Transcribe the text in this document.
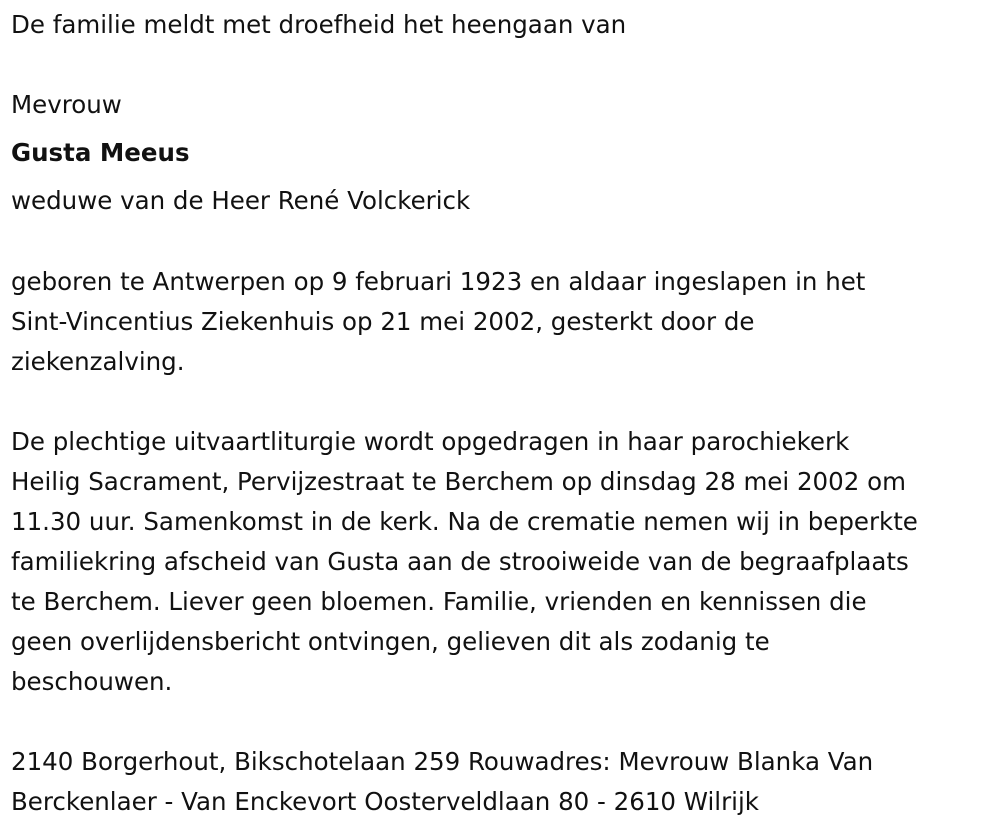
De familie meldt met droefheid het heengaan van

Mevrouw

Gusta Meeus

weduwe van de Heer René Volckerick

geboren te Antwerpen op 9 februari 1923 en aldaar ingeslapen in het
Sint-Vincentius Ziekenhuis op 21 mei 2002, gesterkt door de
ziekenzalving.
De plechtige uitvaartliturgie wordt opgedragen in haar parochiekerk
Heilig Sacrament, Pervijzestraat te Berchem op dinsdag 28 mei 2002 om
11.30 uur. Samenkomst in de kerk. Na de crematie nemen wij in beperkte
familiekring afscheid van Gusta aan de strooiweide van de begraafplaats
te Berchem. Liever geen bloemen. Familie, vrienden en kennissen die
geen overlijdensbericht ontvingen, gelieven dit als zodanig te
beschouwen.
2140 Borgerhout, Bikschotelaan 259 Rouwadres: Mevrouw Blanka Van
Berckenlaer - Van Enckevort Oosterveldlaan 80 - 2610 Wilrijk
